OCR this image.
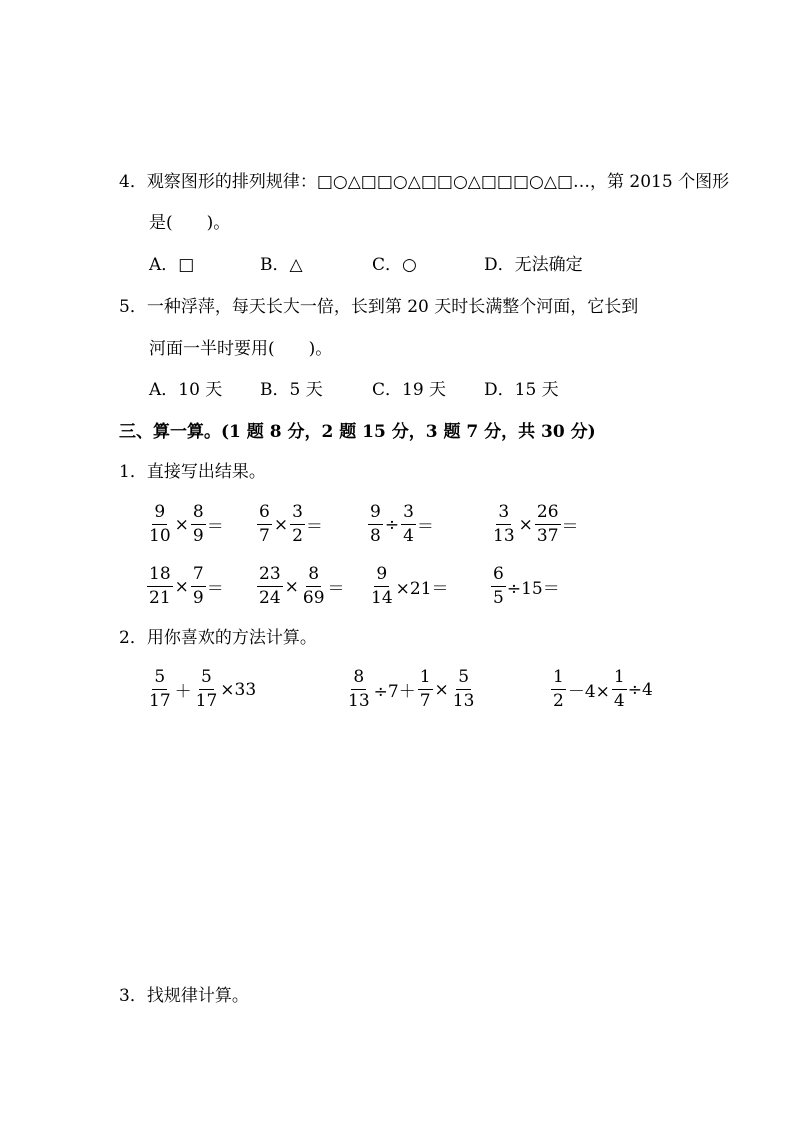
4．观察图形的排列规律：□○△□□○△□□○△□□□○△□…，第 2015 个图形
是(　　)。
A．□	B．△	C．○	D．无法确定
5．一种浮萍，每天长大一倍，长到第 20 天时长满整个河面，它长到
河面一半时要用(　　)。
A．10 天 B．5 天	C．19 天 D．15 天
三、算一算。(1 题 8 分，2 题 15 分，3 题 7 分，共 30 分)
1．直接写出结果。
$\frac{9}{10} \times \frac{8}{9} = \frac{6}{7} \times \frac{3}{2}$ ＝	$\frac{9}{8} \div \frac{3}{4}$ ＝	$\frac{3}{13} \times \frac{26}{37}$ ＝
$\frac{18}{21} \times \frac{7}{9} = \frac{23}{24} \times \frac{8}{69} = \frac{9}{14} \times 21= \frac{6}{5} \div 15=$
2．用你喜欢的方法计算。
$\frac{5}{17} + \frac{5}{17} \times 33$	$\frac{8}{13} \div 7+ \frac{1}{7} \times \frac{5}{13}$	$\frac{1}{2} -4\times \frac{1}{4} \div 4$
3．找规律计算。
